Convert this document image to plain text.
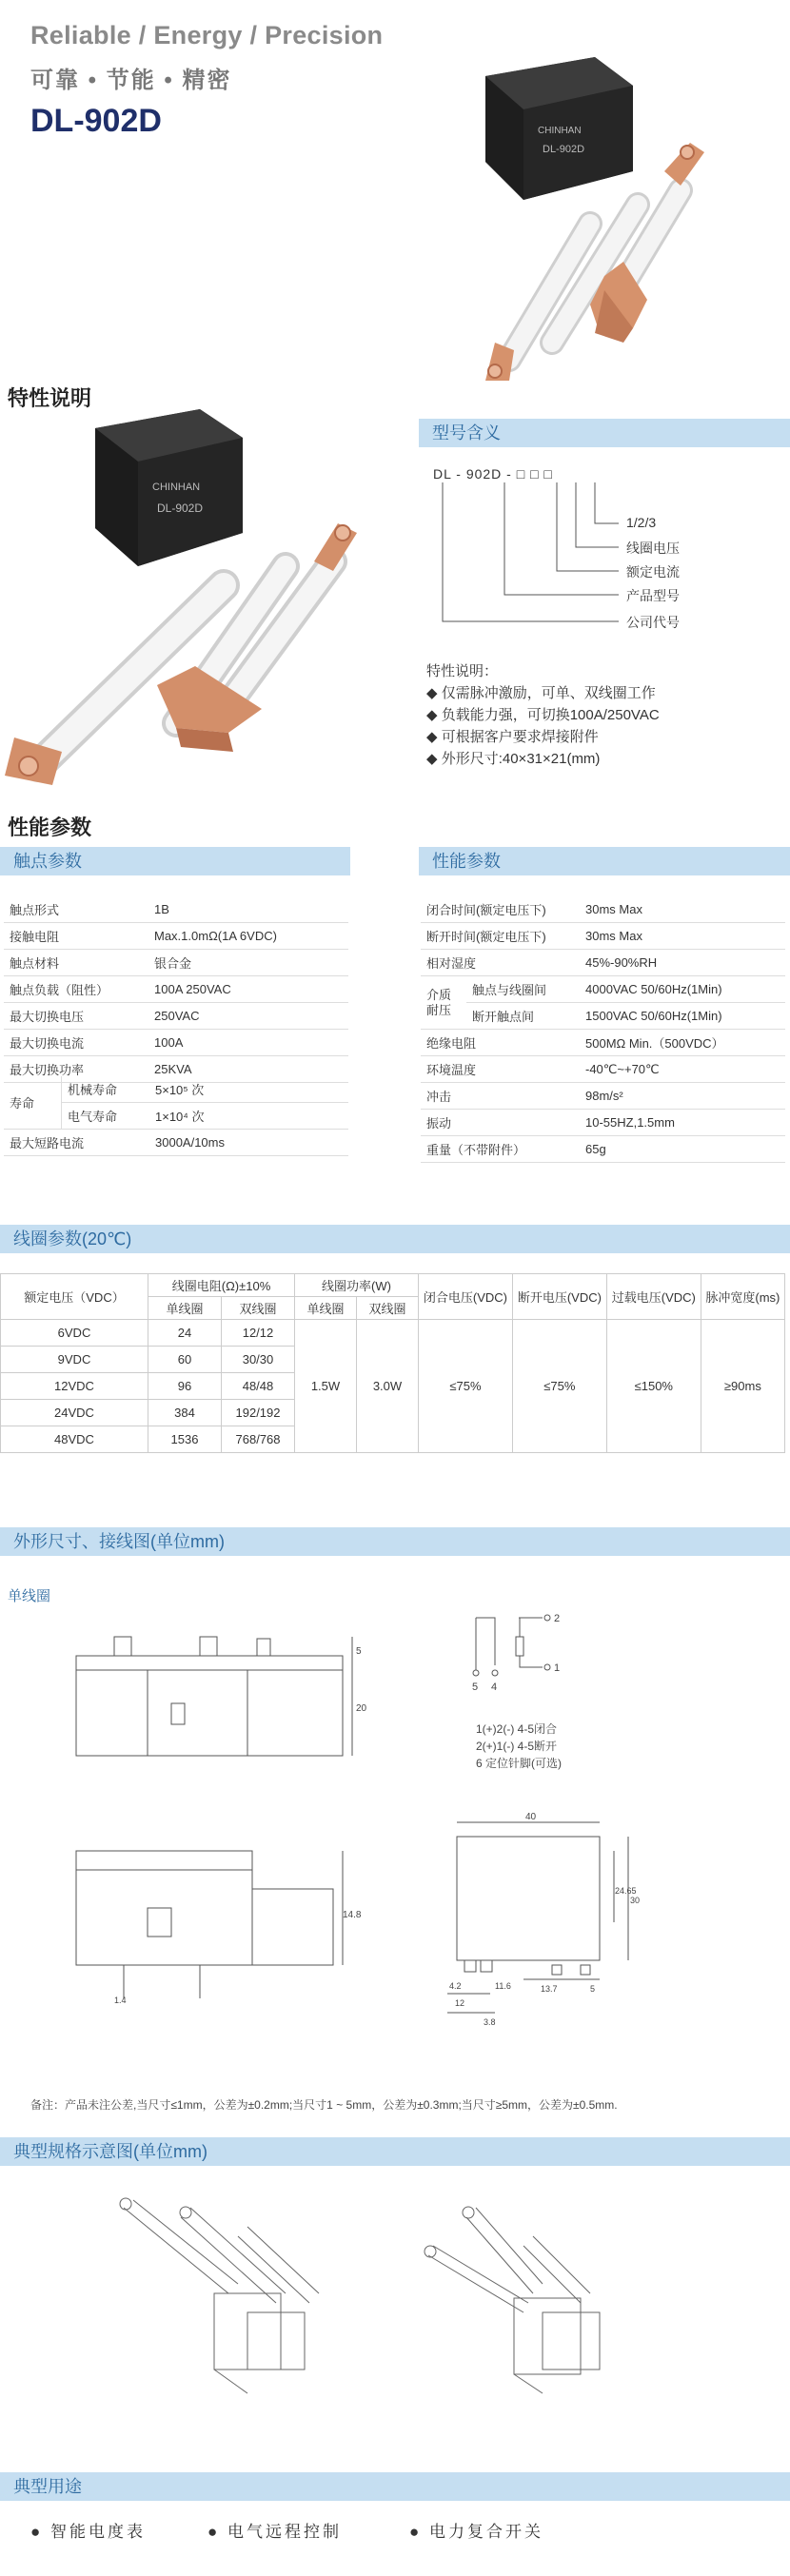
Reliable / Energy / Precision
可靠 • 节能 • 精密
DL-902D	CHINHAN
DL-902D
特性说明
CHINHAN
DL-902D
型号含义
DL - 902D - □ □ □
1/2/3
线圈电压
额定电流
产品型号
公司代号
特性说明：
◆ 仅需脉冲激励，可单、双线圈工作
◆ 负载能力强，可切换100A/250VAC
◆ 可根据客户要求焊接附件
◆ 外形尺寸:40×31×21(mm)
性能参数
触点参数
触点形式	1B
接触电阻	Max.1.0mΩ(1A 6VDC)
触点材料	银合金
触点负载（阻性）	100A 250VAC
最大切换电压	250VAC
最大切换电流	100A
最大切换功率	25KVA
寿命	机械寿命	5×10⁵ 次
	电气寿命	1×10⁴ 次
最大短路电流		3000A/10ms
性能参数
闭合时间(额定电压下)	30ms Max
断开时间(额定电压下)	30ms Max
相对湿度	45%-90%RH
介质耐压	触点与线圈间	4000VAC 50/60Hz(1Min)
	断开触点间	1500VAC 50/60Hz(1Min)
绝缘电阻	500MΩ Min.（500VDC）
环境温度	-40℃~+70℃
冲击	98m/s²
振动	10-55HZ,1.5mm
重量（不带附件）	65g
线圈参数(20℃)
额定电压（VDC）	线圈电阻(Ω)±10%		线圈功率(W)		闭合电压(VDC)	断开电压(VDC)	过载电压(VDC)	脉冲宽度(ms)
	单线圈	双线圈	单线圈	双线圈				
6VDC	24	12/12	1.5W	3.0W	≤75%	≤75%	≤150%	≥90ms
9VDC	60	30/30						
12VDC	96	48/48						
24VDC	384	192/192						
48VDC	1536	768/768						
外形尺寸、接线图(单位mm)
单线圈
5
20
2
1
5 4
1(+)2(-) 4-5闭合
2(+)1(-) 4-5断开
6 定位针脚(可选)
14.8
1.4
40
24.65
30
13.7	5
4.2	11.6
12
3.8
备注：产品未注公差,当尺寸≤1mm，公差为±0.2mm;当尺寸1 ~ 5mm，公差为±0.3mm;当尺寸≥5mm，公差为±0.5mm.
典型规格示意图(单位mm)
典型用途
● 智能电度表	● 电气远程控制	● 电力复合开关
